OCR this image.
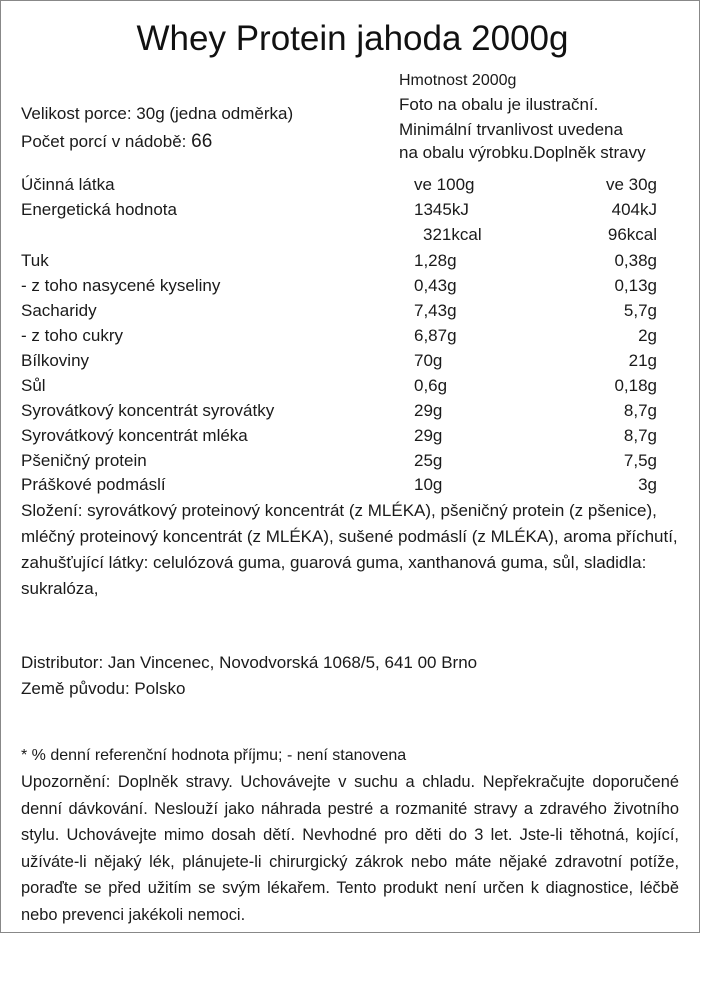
Whey Protein jahoda 2000g
Hmotnost 2000g
Foto na obalu je ilustrační.
Minimální trvanlivost uvedena
na obalu výrobku.Doplněk stravy
Velikost porce: 30g (jedna odměrka)
Počet porcí v nádobě: 66
Účinná látka	ve 100g	ve 30g
Energetická hodnota	1345kJ	404kJ
321kcal	96kcal
Tuk	1,28g	0,38g
- z toho nasycené kyseliny	0,43g	0,13g
Sacharidy	7,43g	5,7g
- z toho cukry	6,87g	2g
Bílkoviny	70g	21g
Sůl	0,6g	0,18g
Syrovátkový koncentrát syrovátky	29g	8,7g
Syrovátkový koncentrát mléka	29g	8,7g
Pšeničný protein	25g	7,5g
Práškové podmáslí	10g	3g
Složení: syrovátkový proteinový koncentrát (z MLÉKA), pšeničný protein (z pšenice), mléčný proteinový koncentrát (z MLÉKA), sušené podmáslí (z MLÉKA), aroma příchutí, zahušťující látky: celulózová guma, guarová guma, xanthanová guma, sůl, sladidla: sukralóza,
Distributor: Jan Vincenec, Novodvorská 1068/5, 641 00 Brno
Země původu: Polsko
* % denní referenční hodnota příjmu; - není stanovena
Upozornění: Doplněk stravy. Uchovávejte v suchu a chladu. Nepřekračujte doporučené denní dávkování. Neslouží jako náhrada pestré a rozmanité stravy a zdravého životního stylu. Uchovávejte mimo dosah dětí. Nevhodné pro děti do 3 let. Jste-li těhotná, kojící, užíváte-li nějaký lék, plánujete-li chirurgický zákrok nebo máte nějaké zdravotní potíže, poraďte se před užitím se svým lékařem. Tento produkt není určen k diagnostice, léčbě nebo prevenci jakékoli nemoci.
